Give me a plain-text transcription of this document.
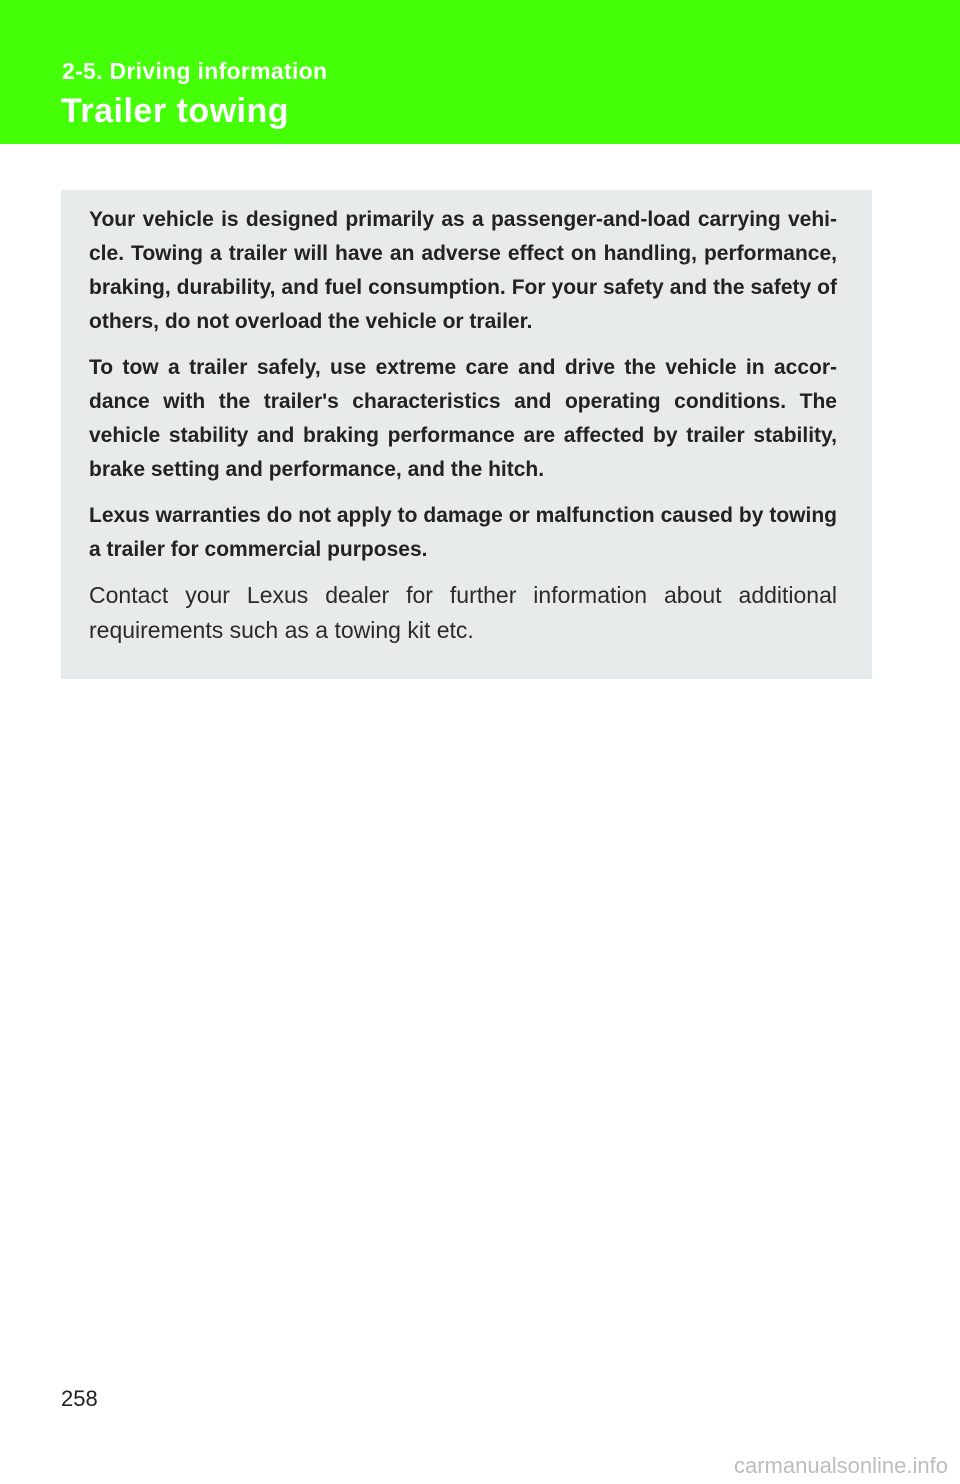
2-5. Driving information
Trailer towing

Your vehicle is designed primarily as a passenger-and-load carrying vehicle. Towing a trailer will have an adverse effect on handling, performance, braking, durability, and fuel consumption. For your safety and the safety of others, do not overload the vehicle or trailer.

To tow a trailer safely, use extreme care and drive the vehicle in accordance with the trailer's characteristics and operating conditions. The vehicle stability and braking performance are affected by trailer stability, brake setting and performance, and the hitch.

Lexus warranties do not apply to damage or malfunction caused by towing a trailer for commercial purposes.

Contact your Lexus dealer for further information about additional requirements such as a towing kit etc.

258
carmanualsonline.info
